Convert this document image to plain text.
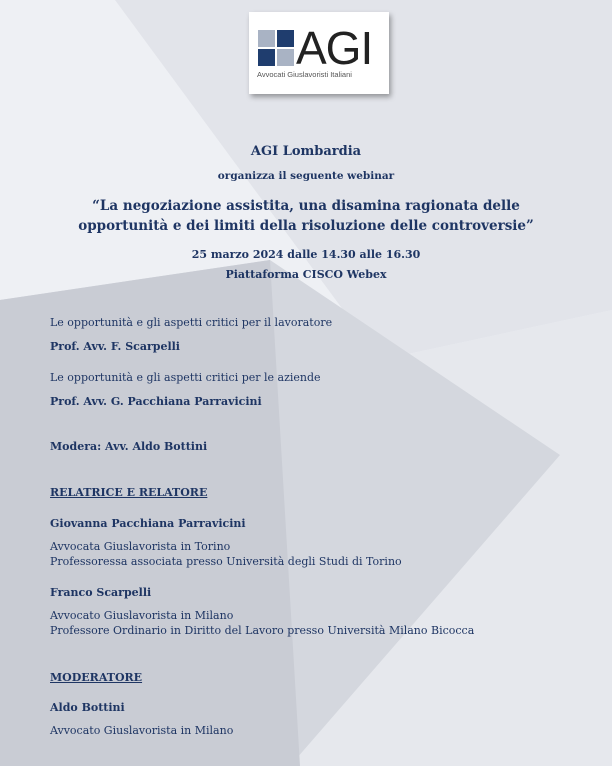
AGI
Avvocati Giuslavoristi Italiani
AGI Lombardia
organizza il seguente webinar
“La negoziazione assistita, una disamina ragionata delle
opportunità e dei limiti della risoluzione delle controversie”
25 marzo 2024 dalle 14.30 alle 16.30
Piattaforma CISCO Webex
Le opportunità e gli aspetti critici per il lavoratore
Prof. Avv. F. Scarpelli
Le opportunità e gli aspetti critici per le aziende
Prof. Avv. G. Pacchiana Parravicini
Modera: Avv. Aldo Bottini
RELATRICE E RELATORE
Giovanna Pacchiana Parravicini
Avvocata Giuslavorista in Torino
Professoressa associata presso Università degli Studi di Torino
Franco Scarpelli
Avvocato Giuslavorista in Milano
Professore Ordinario in Diritto del Lavoro presso Università Milano Bicocca
MODERATORE
Aldo Bottini
Avvocato Giuslavorista in Milano
